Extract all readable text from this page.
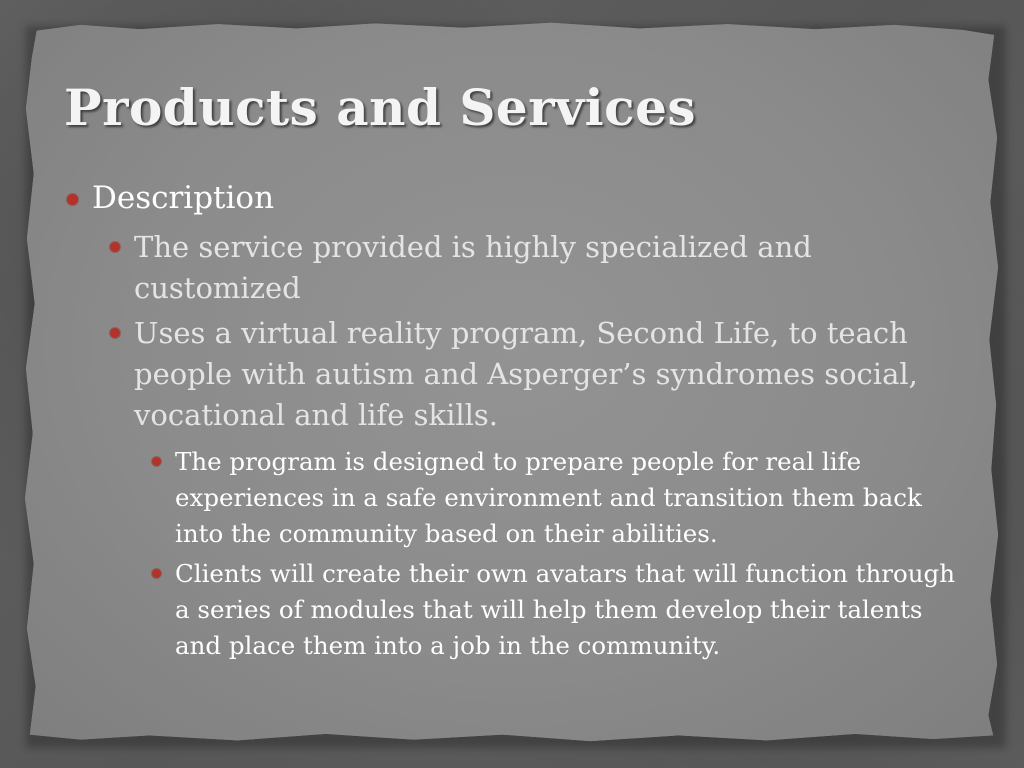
Products and Services
Description
The service provided is highly specialized and customized
Uses a virtual reality program, Second Life, to teach people with autism and Asperger’s syndromes social, vocational and life skills.
The program is designed to prepare people for real life experiences in a safe environment and transition them back into the community based on their abilities.
Clients will create their own avatars that will function through a series of modules that will help them develop their talents and place them into a job in the community.
